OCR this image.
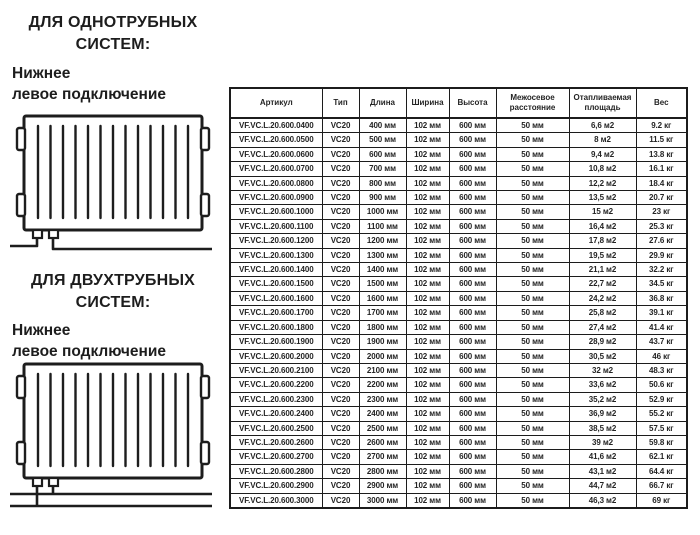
ДЛЯ ОДНОТРУБНЫХ
СИСТЕМ:
Нижнее
левое подключение
ДЛЯ ДВУХТРУБНЫХ
СИСТЕМ:
Нижнее
левое подключение
Артикул	Тип	Длина	Ширина	Высота	Межосевое расстояние	Отапливаемая площадь	Вес
VF.VC.L.20.600.0400	VC20	400 мм	102 мм	600 мм	50 мм	6,6 м2	9.2 кг
VF.VC.L.20.600.0500	VC20	500 мм	102 мм	600 мм	50 мм	8 м2	11.5 кг
VF.VC.L.20.600.0600	VC20	600 мм	102 мм	600 мм	50 мм	9,4 м2	13.8 кг
VF.VC.L.20.600.0700	VC20	700 мм	102 мм	600 мм	50 мм	10,8 м2	16.1 кг
VF.VC.L.20.600.0800	VC20	800 мм	102 мм	600 мм	50 мм	12,2 м2	18.4 кг
VF.VC.L.20.600.0900	VC20	900 мм	102 мм	600 мм	50 мм	13,5 м2	20.7 кг
VF.VC.L.20.600.1000	VC20	1000 мм	102 мм	600 мм	50 мм	15 м2	23 кг
VF.VC.L.20.600.1100	VC20	1100 мм	102 мм	600 мм	50 мм	16,4 м2	25.3 кг
VF.VC.L.20.600.1200	VC20	1200 мм	102 мм	600 мм	50 мм	17,8 м2	27.6 кг
VF.VC.L.20.600.1300	VC20	1300 мм	102 мм	600 мм	50 мм	19,5 м2	29.9 кг
VF.VC.L.20.600.1400	VC20	1400 мм	102 мм	600 мм	50 мм	21,1 м2	32.2 кг
VF.VC.L.20.600.1500	VC20	1500 мм	102 мм	600 мм	50 мм	22,7 м2	34.5 кг
VF.VC.L.20.600.1600	VC20	1600 мм	102 мм	600 мм	50 мм	24,2 м2	36.8 кг
VF.VC.L.20.600.1700	VC20	1700 мм	102 мм	600 мм	50 мм	25,8 м2	39.1 кг
VF.VC.L.20.600.1800	VC20	1800 мм	102 мм	600 мм	50 мм	27,4 м2	41.4 кг
VF.VC.L.20.600.1900	VC20	1900 мм	102 мм	600 мм	50 мм	28,9 м2	43.7 кг
VF.VC.L.20.600.2000	VC20	2000 мм	102 мм	600 мм	50 мм	30,5 м2	46 кг
VF.VC.L.20.600.2100	VC20	2100 мм	102 мм	600 мм	50 мм	32 м2	48.3 кг
VF.VC.L.20.600.2200	VC20	2200 мм	102 мм	600 мм	50 мм	33,6 м2	50.6 кг
VF.VC.L.20.600.2300	VC20	2300 мм	102 мм	600 мм	50 мм	35,2 м2	52.9 кг
VF.VC.L.20.600.2400	VC20	2400 мм	102 мм	600 мм	50 мм	36,9 м2	55.2 кг
VF.VC.L.20.600.2500	VC20	2500 мм	102 мм	600 мм	50 мм	38,5 м2	57.5 кг
VF.VC.L.20.600.2600	VC20	2600 мм	102 мм	600 мм	50 мм	39 м2	59.8 кг
VF.VC.L.20.600.2700	VC20	2700 мм	102 мм	600 мм	50 мм	41,6 м2	62.1 кг
VF.VC.L.20.600.2800	VC20	2800 мм	102 мм	600 мм	50 мм	43,1 м2	64.4 кг
VF.VC.L.20.600.2900	VC20	2900 мм	102 мм	600 мм	50 мм	44,7 м2	66.7 кг
VF.VC.L.20.600.3000	VC20	3000 мм	102 мм	600 мм	50 мм	46,3 м2	69 кг
